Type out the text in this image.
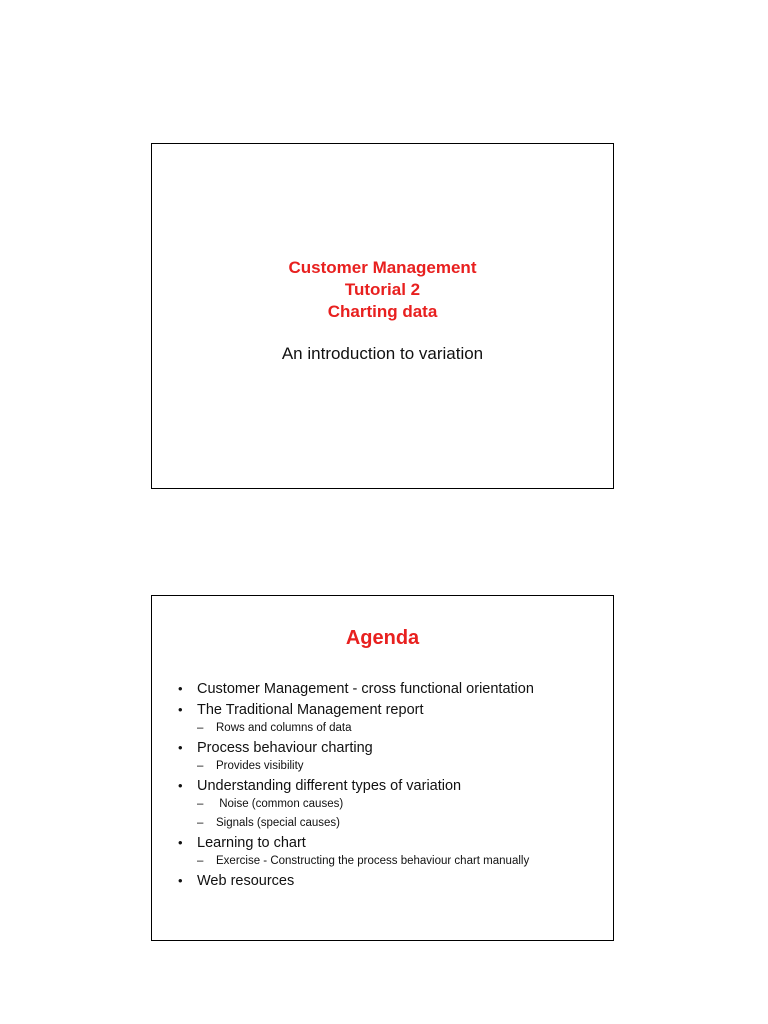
Customer Management
Tutorial 2
Charting data
An introduction to variation
Agenda
• Customer Management - cross functional orientation
• The Traditional Management report
– Rows and columns of data
• Process behaviour charting
– Provides visibility
• Understanding different types of variation
– Noise (common causes)
– Signals (special causes)
• Learning to chart
– Exercise - Constructing the process behaviour chart manually
• Web resources
